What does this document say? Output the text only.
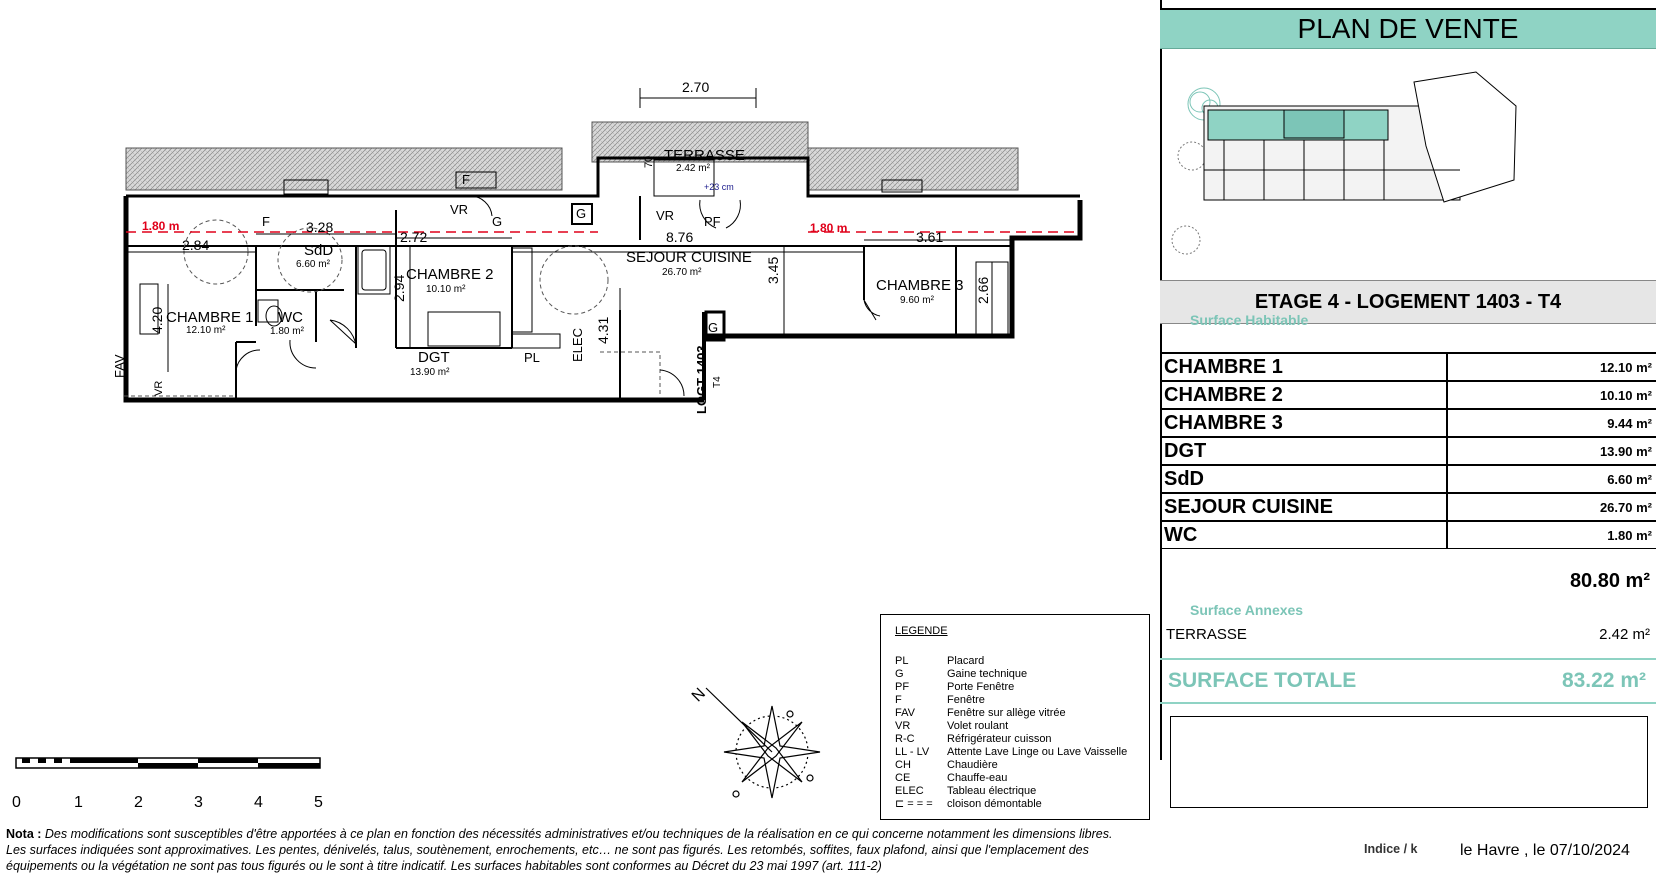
N
CHAMBRE 1
12.10 m²
CHAMBRE 2
10.10 m²	CHAMBRE 3
9.60 m²
SdD
6.60 m²
WC
1.80 m²
DGT
13.90 m²
SEJOUR CUISINE
26.70 m²
TERRASSE
2.42 m²
2.70
3.28
2.84	2.72	8.76	3.61
3.45
2.94	2.66
4.20	4.31
70
1.80 m	1.80 m
+23 cm
VR	VR
VR
PF
F
F
G
G
G
PL ELEC
FAV	LOGT 1403 T4
PLAN DE VENTE
ETAGE 4 - LOGEMENT 1403 - T4
Surface Habitable
CHAMBRE 1	12.10 m²
CHAMBRE 2	10.10 m²
CHAMBRE 3	9.44 m²
DGT	13.90 m²
SdD	6.60 m²
SEJOUR CUISINE	26.70 m²
WC	1.80 m²
80.80 m²
Surface Annexes
TERRASSE	2.42 m²
SURFACE TOTALE	83.22 m²
LEGENDE
PL	Placard
G	Gaine technique
PF	Porte Fenêtre
F	Fenêtre
FAV	Fenêtre sur allège vitrée
VR	Volet roulant
R-C	Réfrigérateur cuisson
LL - LV Attente Lave Linge ou Lave Vaisselle
CH	Chaudière
CE	Chauffe-eau
ELEC Tableau électrique
⊏ = = = cloison démontable
0	1	2	3	4	5
Nota : Des modifications sont susceptibles d'être apportées à ce plan en fonction des nécessités administratives et/ou techniques de la réalisation en ce qui concerne notamment les dimensions libres.
Les surfaces indiquées sont approximatives. Les pentes, dénivelés, talus, soutènement, enrochements, etc… ne sont pas figurés. Les retombés, soffites, faux plafond, ainsi que l'emplacement des
équipements ou la végétation ne sont pas tous figurés ou le sont à titre indicatif. Les surfaces habitables sont conformes au Décret du 23 mai 1997 (art. 111-2)
Indice / k	le Havre , le 07/10/2024
